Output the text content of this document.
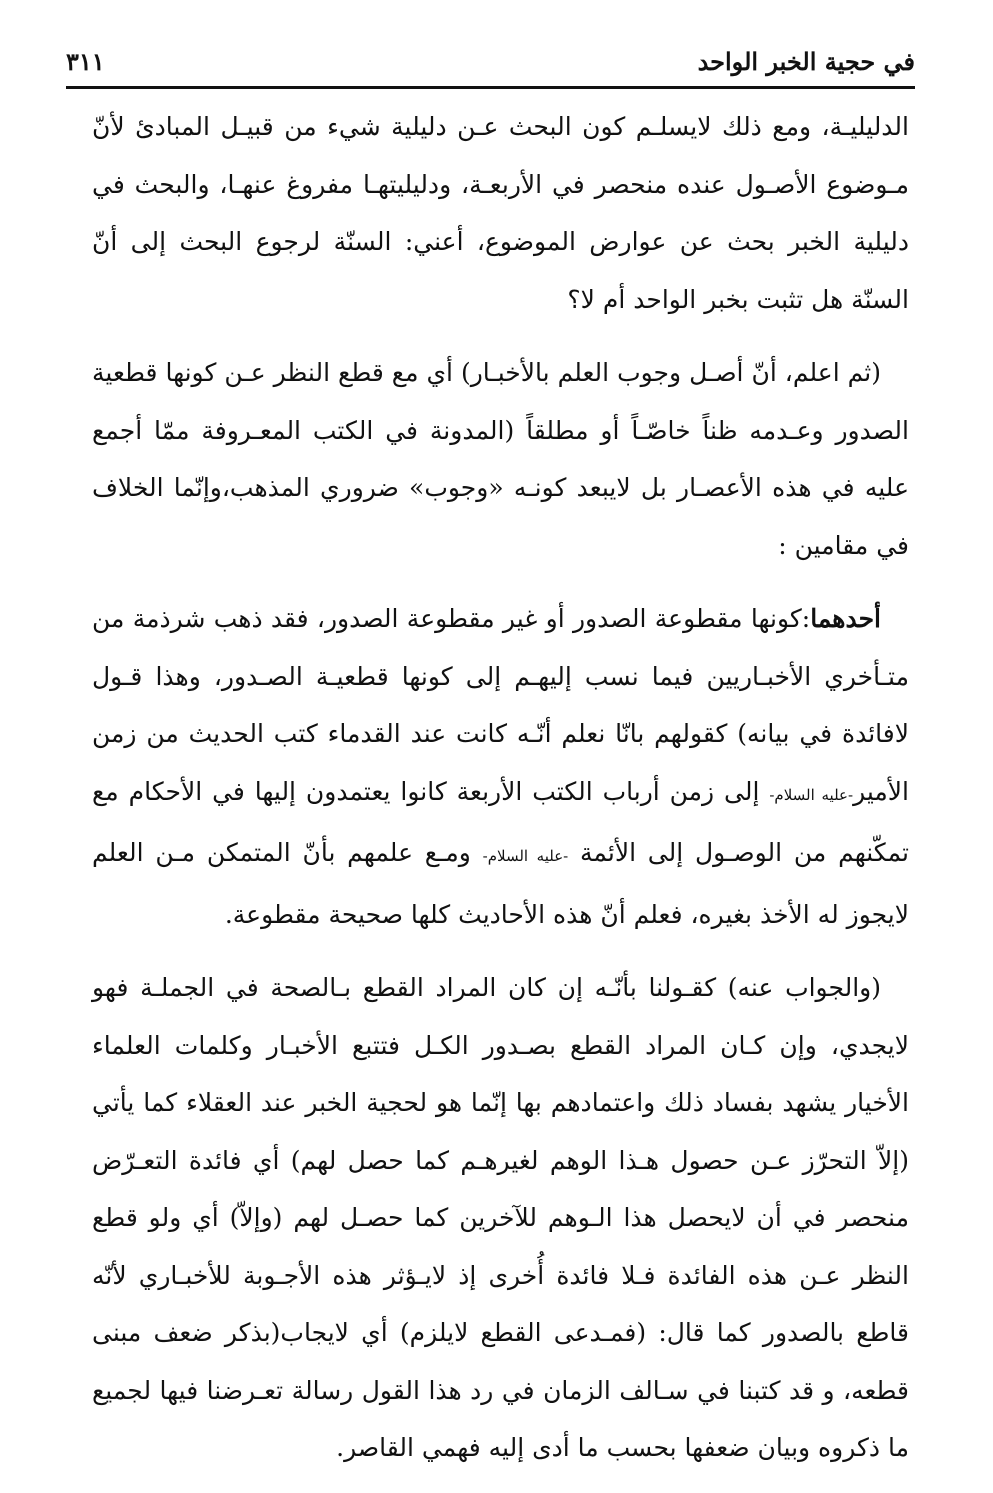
في حجية الخبر الواحد
٣١١

الدليليـة، ومع ذلك لايسلـم كون البحث عـن دليلية شيء من قبيـل المبادئ لأنّ مـوضوع الأصـول عنده منحصر في الأربعـة، ودليليتهـا مفروغ عنهـا، والبحث في دليلية الخبر بحث عن عوارض الموضوع، أعني: السنّة لرجوع البحث إلى أنّ السنّة هل تثبت بخبر الواحد أم لا؟

(ثم اعلم، أنّ أصـل وجوب العلم بالأخبـار) أي مع قطع النظر عـن كونها قطعية الصدور وعـدمه ظناً خاصّـاً أو مطلقاً (المدونة في الكتب المعـروفة ممّا أجمع عليه في هذه الأعصـار بل لايبعد كونـه «وجوب» ضروري المذهب،وإنّما الخلاف في مقامين :

أحدهما:كونها مقطوعة الصدور أو غير مقطوعة الصدور، فقد ذهب شرذمة من متـأخري الأخبـاريين فيما نسب إليهـم إلى كونها قطعيـة الصـدور، وهذا قـول لافائدة في بيانه) كقولهم بانّا نعلم أنّـه كانت عند القدماء كتب الحديث من زمن الأمير-عليه السلام- إلى زمن أرباب الكتب الأربعة كانوا يعتمدون إليها في الأحكام مع تمكّنهم من الوصـول إلى الأئمة -عليه السلام- ومـع علمهم بأنّ المتمكن مـن العلم لايجوز له الأخذ بغيره، فعلم أنّ هذه الأحاديث كلها صحيحة مقطوعة.

(والجواب عنه) كقـولنا بأنّـه إن كان المراد القطع بـالصحة في الجملـة فهو لايجدي، وإن كـان المراد القطع بصـدور الكـل فتتبع الأخبـار وكلمات العلماء الأخيار يشهد بفساد ذلك واعتمادهم بها إنّما هو لحجية الخبر عند العقلاء كما يأتي (إلاّ التحرّز عـن حصول هـذا الوهم لغيرهـم كما حصل لهم) أي فائدة التعـرّض منحصر في أن لايحصل هذا الـوهم للآخرين كما حصـل لهم (وإلاّ) أي ولو قطع النظر عـن هذه الفائدة فـلا فائدة أُخرى إذ لايـؤثر هذه الأجـوبة للأخبـاري لأنّه قاطع بالصدور كما قال: (فمـدعى القطع لايلزم) أي لايجاب(بذكر ضعف مبنى قطعه، و قد كتبنا في سـالف الزمان في رد هذا القول رسالة تعـرضنا فيها لجميع ما ذكروه وبيان ضعفها بحسب ما أدى إليه فهمي القاصر.
